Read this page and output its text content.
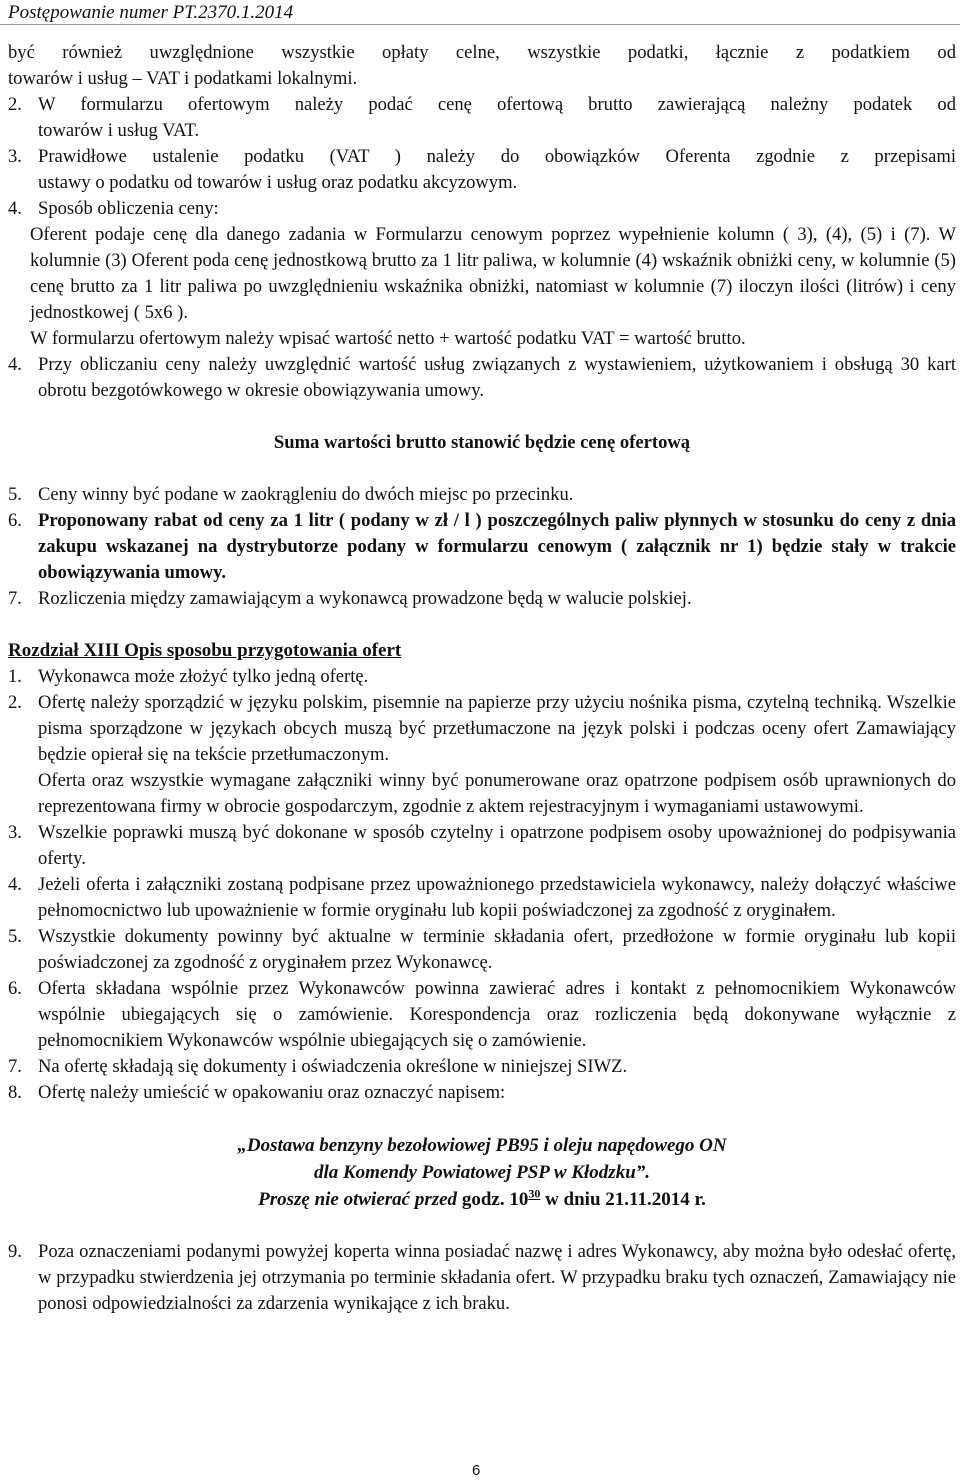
Postępowanie numer PT.2370.1.2014

być również uwzględnione wszystkie opłaty celne, wszystkie podatki, łącznie z podatkiem od

towarów i usług – VAT i podatkami lokalnymi.

2. W formularzu ofertowym należy podać cenę ofertową brutto zawierającą należny podatek od

towarów i usług VAT.

3. Prawidłowe ustalenie podatku (VAT ) należy do obowiązków Oferenta zgodnie z przepisami

ustawy o podatku od towarów i usług oraz podatku akcyzowym.

4. Sposób obliczenia ceny:

Oferent podaje cenę dla danego zadania w Formularzu cenowym poprzez wypełnienie kolumn ( 3), (4), (5) i (7). W kolumnie (3) Oferent poda cenę jednostkową brutto za 1 litr paliwa, w kolumnie (4) wskaźnik obniżki ceny, w kolumnie (5) cenę brutto za 1 litr paliwa po uwzględnieniu wskaźnika obniżki, natomiast w kolumnie (7) iloczyn ilości (litrów) i ceny jednostkowej ( 5x6 ).

W formularzu ofertowym należy wpisać wartość netto + wartość podatku VAT = wartość brutto.

4. Przy obliczaniu ceny należy uwzględnić wartość usług związanych z wystawieniem, użytkowaniem i obsługą 30 kart obrotu bezgotówkowego w okresie obowiązywania umowy.

Suma wartości brutto stanowić będzie cenę ofertową

5. Ceny winny być podane w zaokrągleniu do dwóch miejsc po przecinku.

6. Proponowany rabat od ceny za 1 litr ( podany w zł / l ) poszczególnych paliw płynnych w stosunku do ceny z dnia zakupu wskazanej na dystrybutorze podany w formularzu cenowym ( załącznik nr 1) będzie stały w trakcie obowiązywania umowy.

7. Rozliczenia między zamawiającym a wykonawcą prowadzone będą w walucie polskiej.

Rozdział XIII Opis sposobu przygotowania ofert

1. Wykonawca może złożyć tylko jedną ofertę.

2. Ofertę należy sporządzić w języku polskim, pisemnie na papierze przy użyciu nośnika pisma, czytelną techniką. Wszelkie pisma sporządzone w językach obcych muszą być przetłumaczone na język polski i podczas oceny ofert Zamawiający będzie opierał się na tekście przetłumaczonym.

Oferta oraz wszystkie wymagane załączniki winny być ponumerowane oraz opatrzone podpisem osób uprawnionych do reprezentowana firmy w obrocie gospodarczym, zgodnie z aktem rejestracyjnym i wymaganiami ustawowymi.

3. Wszelkie poprawki muszą być dokonane w sposób czytelny i opatrzone podpisem osoby upoważnionej do podpisywania oferty.

4. Jeżeli oferta i załączniki zostaną podpisane przez upoważnionego przedstawiciela wykonawcy, należy dołączyć właściwe pełnomocnictwo lub upoważnienie w formie oryginału lub kopii poświadczonej za zgodność z oryginałem.

5. Wszystkie dokumenty powinny być aktualne w terminie składania ofert, przedłożone w formie oryginału lub kopii poświadczonej za zgodność z oryginałem przez Wykonawcę.

6. Oferta składana wspólnie przez Wykonawców powinna zawierać adres i kontakt z pełnomocnikiem Wykonawców wspólnie ubiegających się o zamówienie. Korespondencja oraz rozliczenia będą dokonywane wyłącznie z pełnomocnikiem Wykonawców wspólnie ubiegających się o zamówienie.

7. Na ofertę składają się dokumenty i oświadczenia określone w niniejszej SIWZ.

8. Ofertę należy umieścić w opakowaniu oraz oznaczyć napisem:

„Dostawa benzyny bezołowiowej PB95 i oleju napędowego ON
dla Komendy Powiatowej PSP w Kłodzku”.
Proszę nie otwierać przed godz. $10^{30}$ w dniu 21.11.2014 r.
9. Poza oznaczeniami podanymi powyżej koperta winna posiadać nazwę i adres Wykonawcy, aby można było odesłać ofertę, w przypadku stwierdzenia jej otrzymania po terminie składania ofert. W przypadku braku tych oznaczeń, Zamawiający nie ponosi odpowiedzialności za zdarzenia wynikające z ich braku.

6
